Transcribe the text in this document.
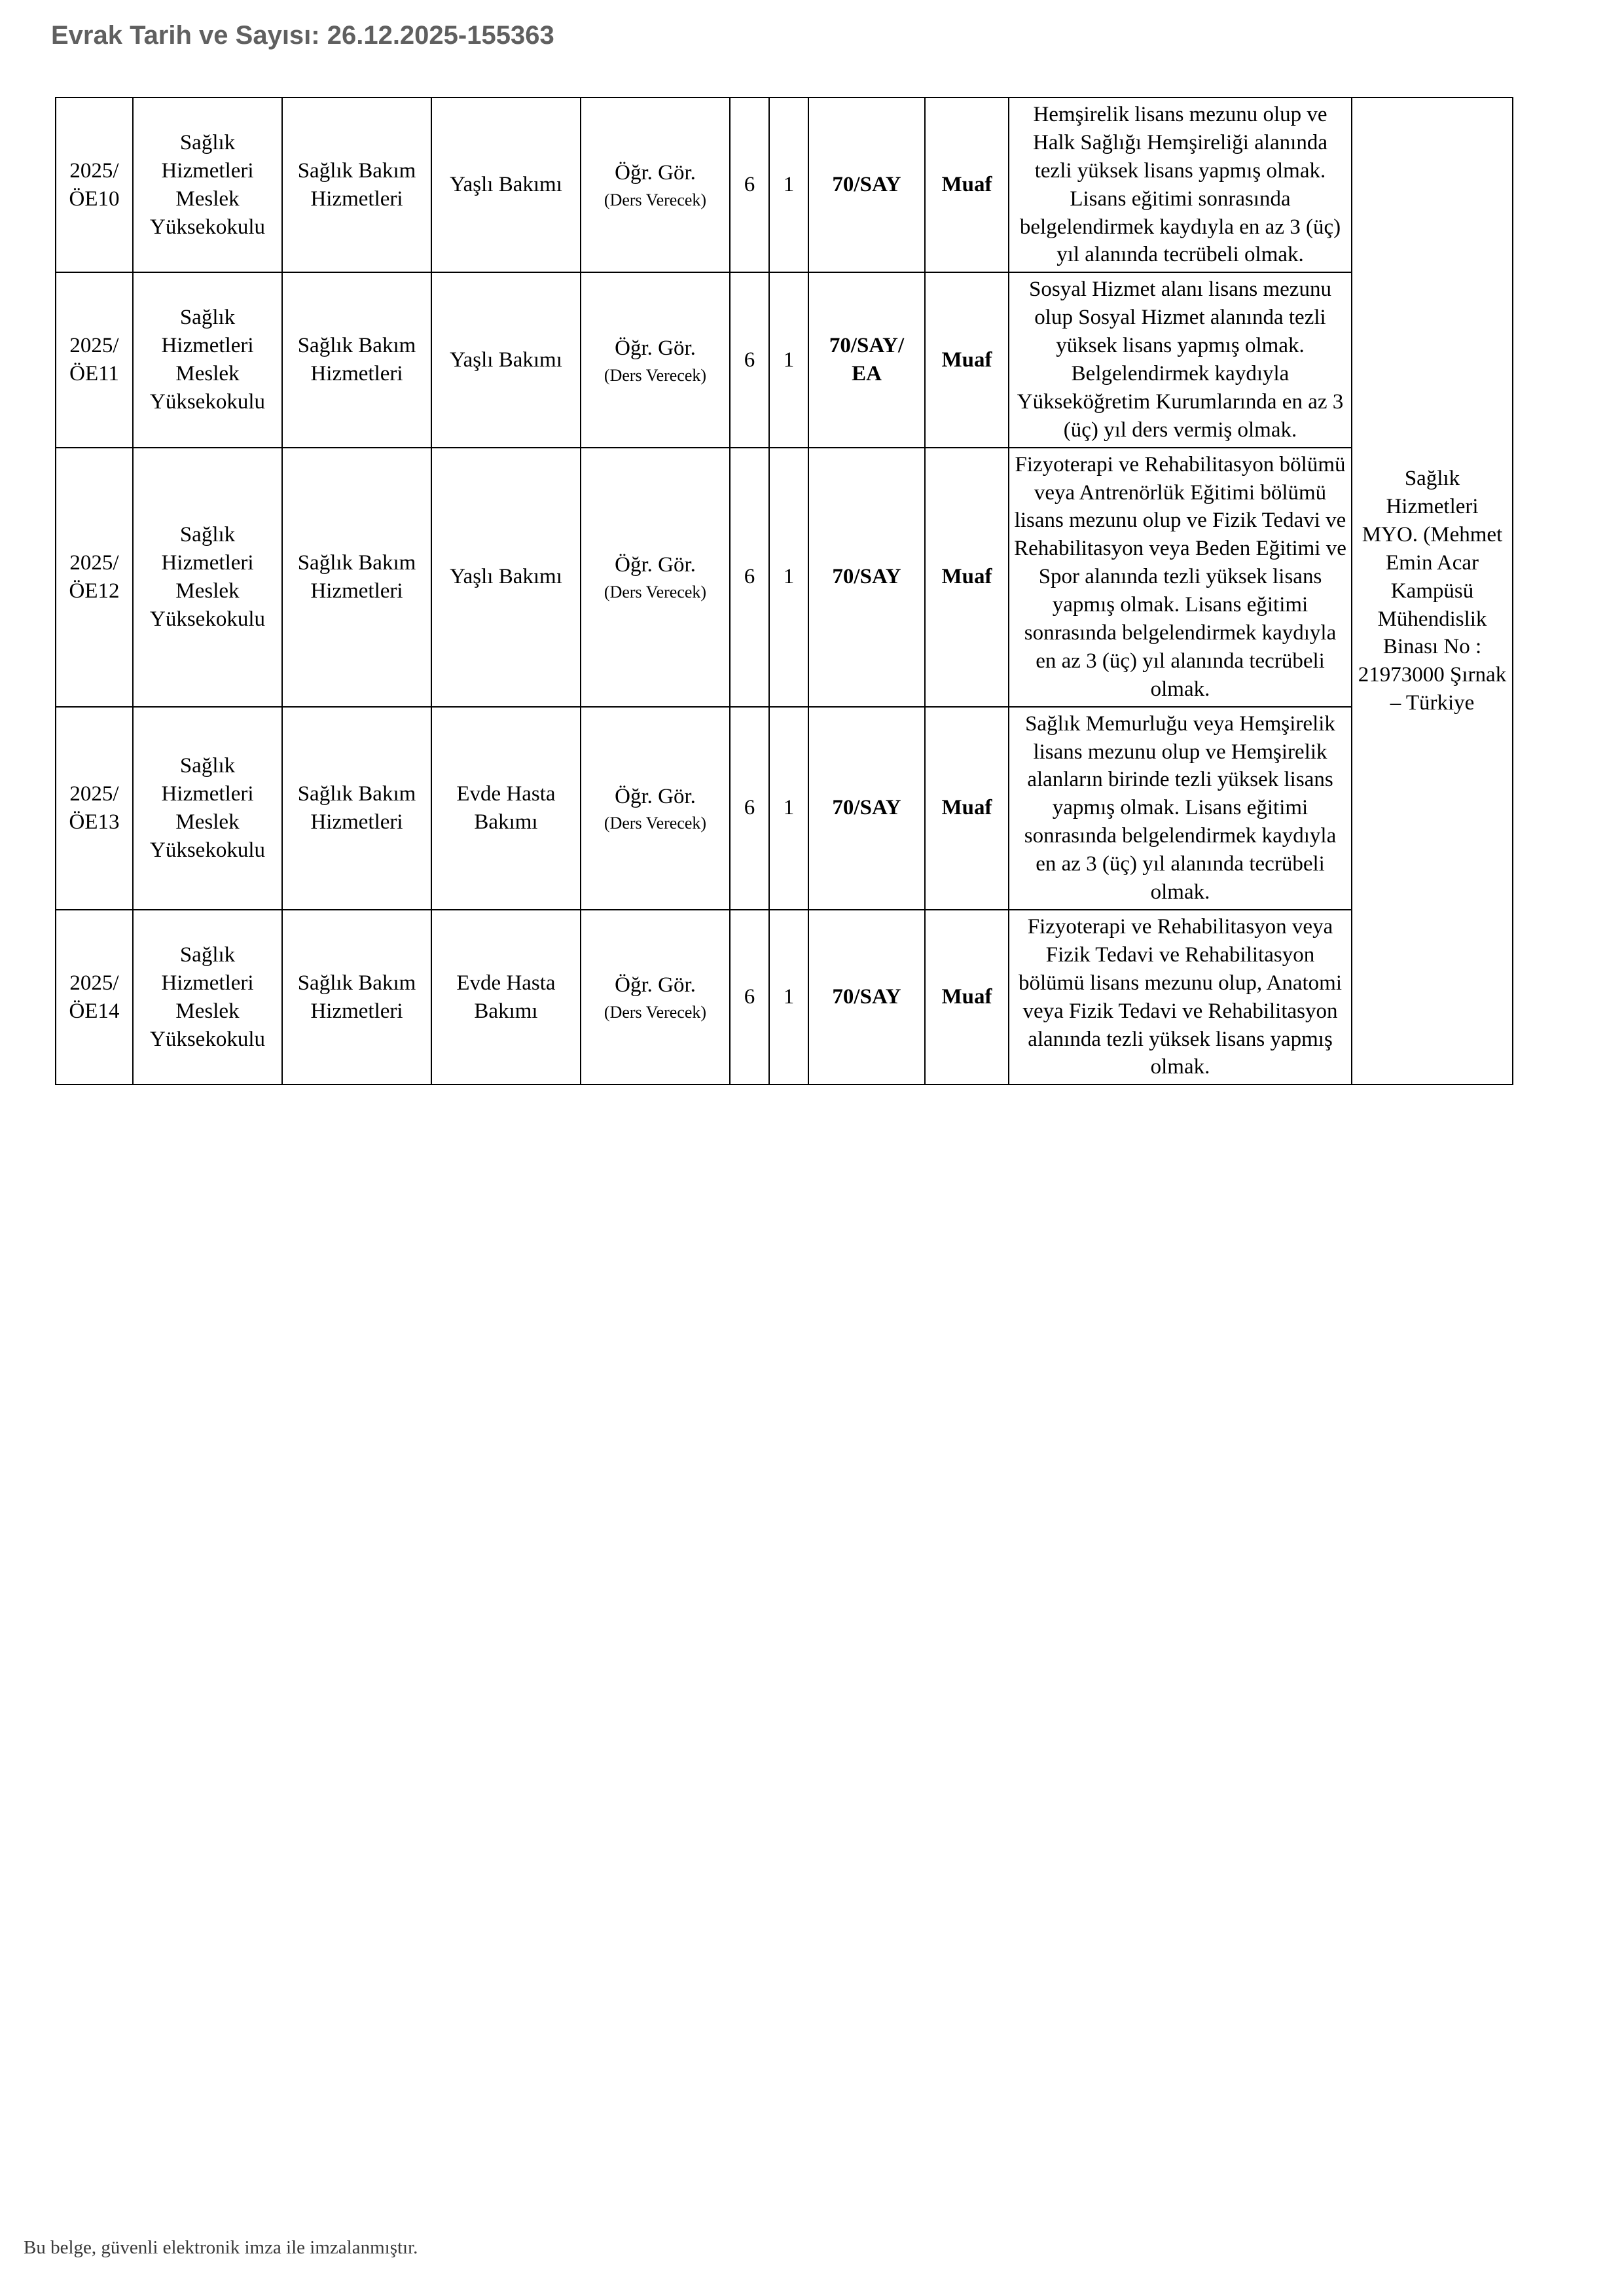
Evrak Tarih ve Sayısı: 26.12.2025-155363
2025/ ÖE10	Sağlık Hizmetleri Meslek Yüksekokulu	Sağlık Bakım Hizmetleri	Yaşlı Bakımı	Öğr. Gör.
(Ders Verecek)	6	1	70/SAY	Muaf	Hemşirelik lisans mezunu olup ve Halk Sağlığı Hemşireliği alanında tezli yüksek lisans yapmış olmak. Lisans eğitimi sonrasında belgelendirmek kaydıyla en az 3 (üç) yıl alanında tecrübeli olmak.	Sağlık Hizmetleri MYO. (Mehmet Emin Acar Kampüsü Mühendislik Binası No : 21973000 Şırnak – Türkiye
2025/ ÖE11	Sağlık Hizmetleri Meslek Yüksekokulu	Sağlık Bakım Hizmetleri	Yaşlı Bakımı	Öğr. Gör.
(Ders Verecek)	6	1	70/SAY/ EA	Muaf	Sosyal Hizmet alanı lisans mezunu olup Sosyal Hizmet alanında tezli yüksek lisans yapmış olmak. Belgelendirmek kaydıyla Yükseköğretim Kurumlarında en az 3 (üç) yıl ders vermiş olmak.	
2025/ ÖE12	Sağlık Hizmetleri Meslek Yüksekokulu	Sağlık Bakım Hizmetleri	Yaşlı Bakımı	Öğr. Gör.
(Ders Verecek)	6	1	70/SAY	Muaf	Fizyoterapi ve Rehabilitasyon bölümü veya Antrenörlük Eğitimi bölümü lisans mezunu olup ve Fizik Tedavi ve Rehabilitasyon veya Beden Eğitimi ve Spor alanında tezli yüksek lisans yapmış olmak. Lisans eğitimi sonrasında belgelendirmek kaydıyla en az 3 (üç) yıl alanında tecrübeli olmak.	
2025/ ÖE13	Sağlık Hizmetleri Meslek Yüksekokulu	Sağlık Bakım Hizmetleri	Evde Hasta Bakımı	Öğr. Gör.
(Ders Verecek)	6	1	70/SAY	Muaf	Sağlık Memurluğu veya Hemşirelik lisans mezunu olup ve Hemşirelik alanların birinde tezli yüksek lisans yapmış olmak. Lisans eğitimi sonrasında belgelendirmek kaydıyla en az 3 (üç) yıl alanında tecrübeli olmak.	
2025/ ÖE14	Sağlık Hizmetleri Meslek Yüksekokulu	Sağlık Bakım Hizmetleri	Evde Hasta Bakımı	Öğr. Gör.
(Ders Verecek)	6	1	70/SAY	Muaf	Fizyoterapi ve Rehabilitasyon veya Fizik Tedavi ve Rehabilitasyon bölümü lisans mezunu olup, Anatomi veya Fizik Tedavi ve Rehabilitasyon alanında tezli yüksek lisans yapmış olmak.	
Bu belge, güvenli elektronik imza ile imzalanmıştır.
